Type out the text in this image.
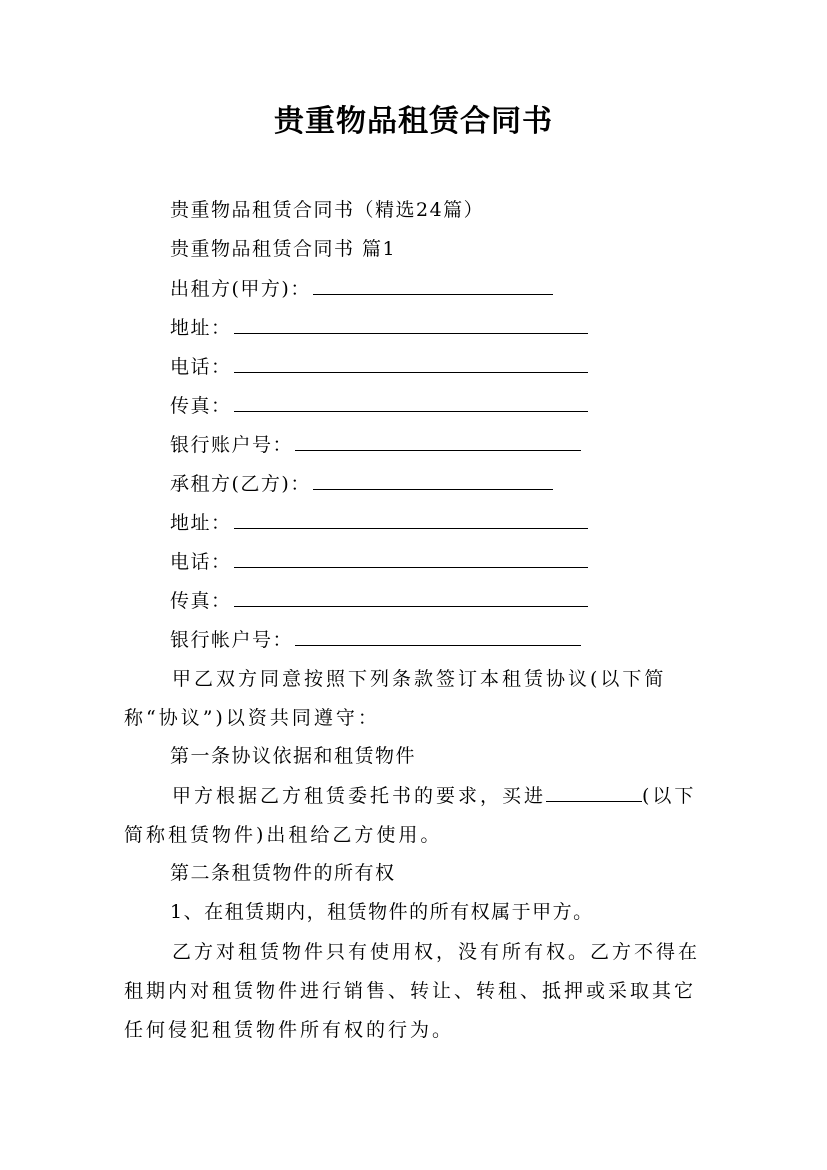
贵重物品租赁合同书
贵重物品租赁合同书（精选24篇）
贵重物品租赁合同书 篇1
出租方(甲方)：
地址：
电话：
传真：
银行账户号：
承租方(乙方)：
地址：
电话：
传真：
银行帐户号：
甲乙双方同意按照下列条款签订本租赁协议(以下简称“协议”)以资共同遵守：
第一条协议依据和租赁物件
甲方根据乙方租赁委托书的要求，买进	(以下简称租赁物件)出租给乙方使用。
第二条租赁物件的所有权
1、在租赁期内，租赁物件的所有权属于甲方。
乙方对租赁物件只有使用权，没有所有权。乙方不得在租期内对租赁物件进行销售、转让、转租、抵押或采取其它任何侵犯租赁物件所有权的行为。
